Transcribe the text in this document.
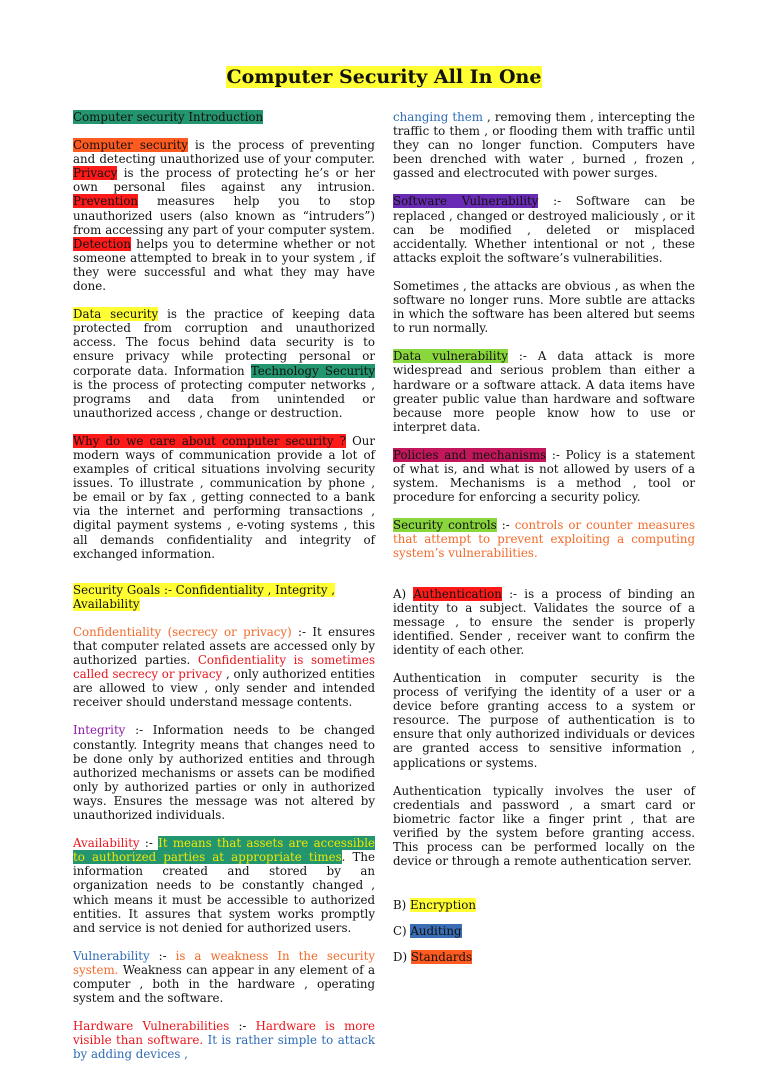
Computer Security All In One

Computer security Introduction

Computer security is the process of preventing and detecting unauthorized use of your computer. Privacy is the process of protecting he’s or her own personal files against any intrusion. Prevention measures help you to stop unauthorized users (also known as “intruders”) from accessing any part of your computer system. Detection helps you to determine whether or not someone attempted to break in to your system , if they were successful and what they may have done.

Data security is the practice of keeping data protected from corruption and unauthorized access. The focus behind data security is to ensure privacy while protecting personal or corporate data. Information Technology Security is the process of protecting computer networks , programs and data from unintended or unauthorized access , change or destruction.

Why do we care about computer security ? Our modern ways of communication provide a lot of examples of critical situations involving security issues. To illustrate , communication by phone , be email or by fax , getting connected to a bank via the internet and performing transactions , digital payment systems , e-voting systems , this all demands confidentiality and integrity of exchanged information.

Security Goals :- Confidentiality , Integrity , Availability

Confidentiality (secrecy or privacy) :- It ensures that computer related assets are accessed only by authorized parties. Confidentiality is sometimes called secrecy or privacy , only authorized entities are allowed to view , only sender and intended receiver should understand message contents.

Integrity :- Information needs to be changed constantly. Integrity means that changes need to be done only by authorized entities and through authorized mechanisms or assets can be modified only by authorized parties or only in authorized ways. Ensures the message was not altered by unauthorized individuals.

Availability :- It means that assets are accessible to authorized parties at appropriate times. The information created and stored by an organization needs to be constantly changed , which means it must be accessible to authorized entities. It assures that system works promptly and service is not denied for authorized users.

Vulnerability :- is a weakness In the security system. Weakness can appear in any element of a computer , both in the hardware , operating system and the software.

Hardware Vulnerabilities :- Hardware is more visible than software. It is rather simple to attack by adding devices ,

changing them , removing them , intercepting the traffic to them , or flooding them with traffic until they can no longer function. Computers have been drenched with water , burned , frozen , gassed and electrocuted with power surges.

Software Vulnerability :- Software can be replaced , changed or destroyed maliciously , or it can be modified , deleted or misplaced accidentally. Whether intentional or not , these attacks exploit the software’s vulnerabilities.

Sometimes , the attacks are obvious , as when the software no longer runs. More subtle are attacks in which the software has been altered but seems to run normally.

Data vulnerability :- A data attack is more widespread and serious problem than either a hardware or a software attack. A data items have greater public value than hardware and software because more people know how to use or interpret data.

Policies and mechanisms :- Policy is a statement of what is, and what is not allowed by users of a system. Mechanisms is a method , tool or procedure for enforcing a security policy.

Security controls :- controls or counter measures that attempt to prevent exploiting a computing system’s vulnerabilities.

A) Authentication :- is a process of binding an identity to a subject. Validates the source of a message , to ensure the sender is properly identified. Sender , receiver want to confirm the identity of each other.

Authentication in computer security is the process of verifying the identity of a user or a device before granting access to a system or resource. The purpose of authentication is to ensure that only authorized individuals or devices are granted access to sensitive information , applications or systems.

Authentication typically involves the user of credentials and password , a smart card or biometric factor like a finger print , that are verified by the system before granting access. This process can be performed locally on the device or through a remote authentication server.

B) Encryption

C) Auditing

D) Standards
